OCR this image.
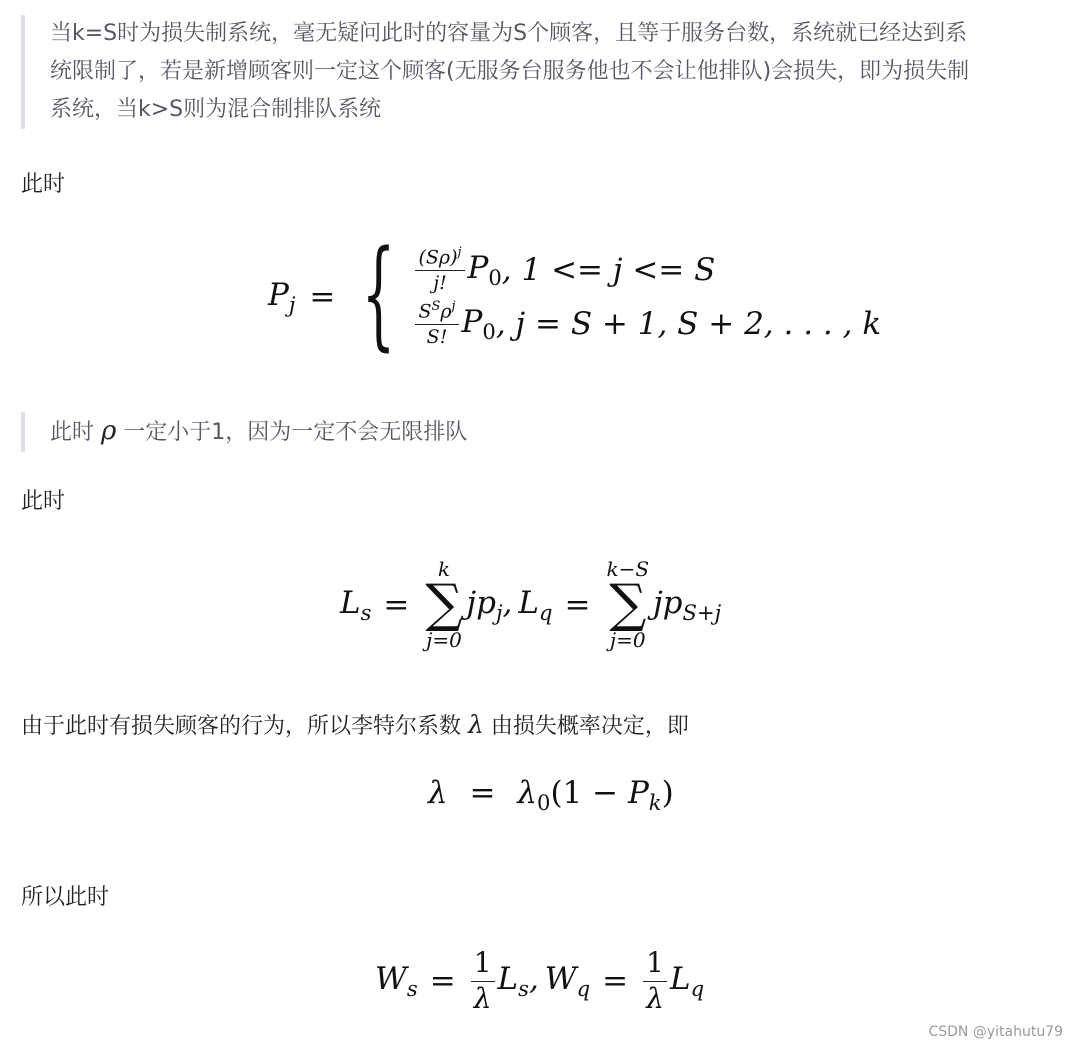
当k=S时为损失制系统，毫无疑问此时的容量为S个顾客，且等于服务台数，系统就已经达到系
统限制了，若是新增顾客则一定这个顾客(无服务台服务他也不会让他排队)会损失，即为损失制
系统，当k>S则为混合制排队系统
此时
$P_j$ = { $\frac{(S\rho)^j}{j!} P_0$ , 1 <= j <= S
$\frac{S^S\rho^j}{S!} P_0$ , j = S + 1, S + 2, . . . , k
此时 ρ 一定小于1，因为一定不会无限排队
此时
$L_s$ =
k
∑
j=0
$jp_j$, $L_q$ =
k−S
∑
j=0
$jp_{S+j}$
由于此时有损失顾客的行为，所以李特尔系数 λ 由损失概率决定，即
$\lambda = \lambda_0(1 - P_k)$
所以此时
$W_s = \frac{1}{\lambda} L_s$, $W_q = \frac{1}{\lambda} L_q$
CSDN @yitahutu79
